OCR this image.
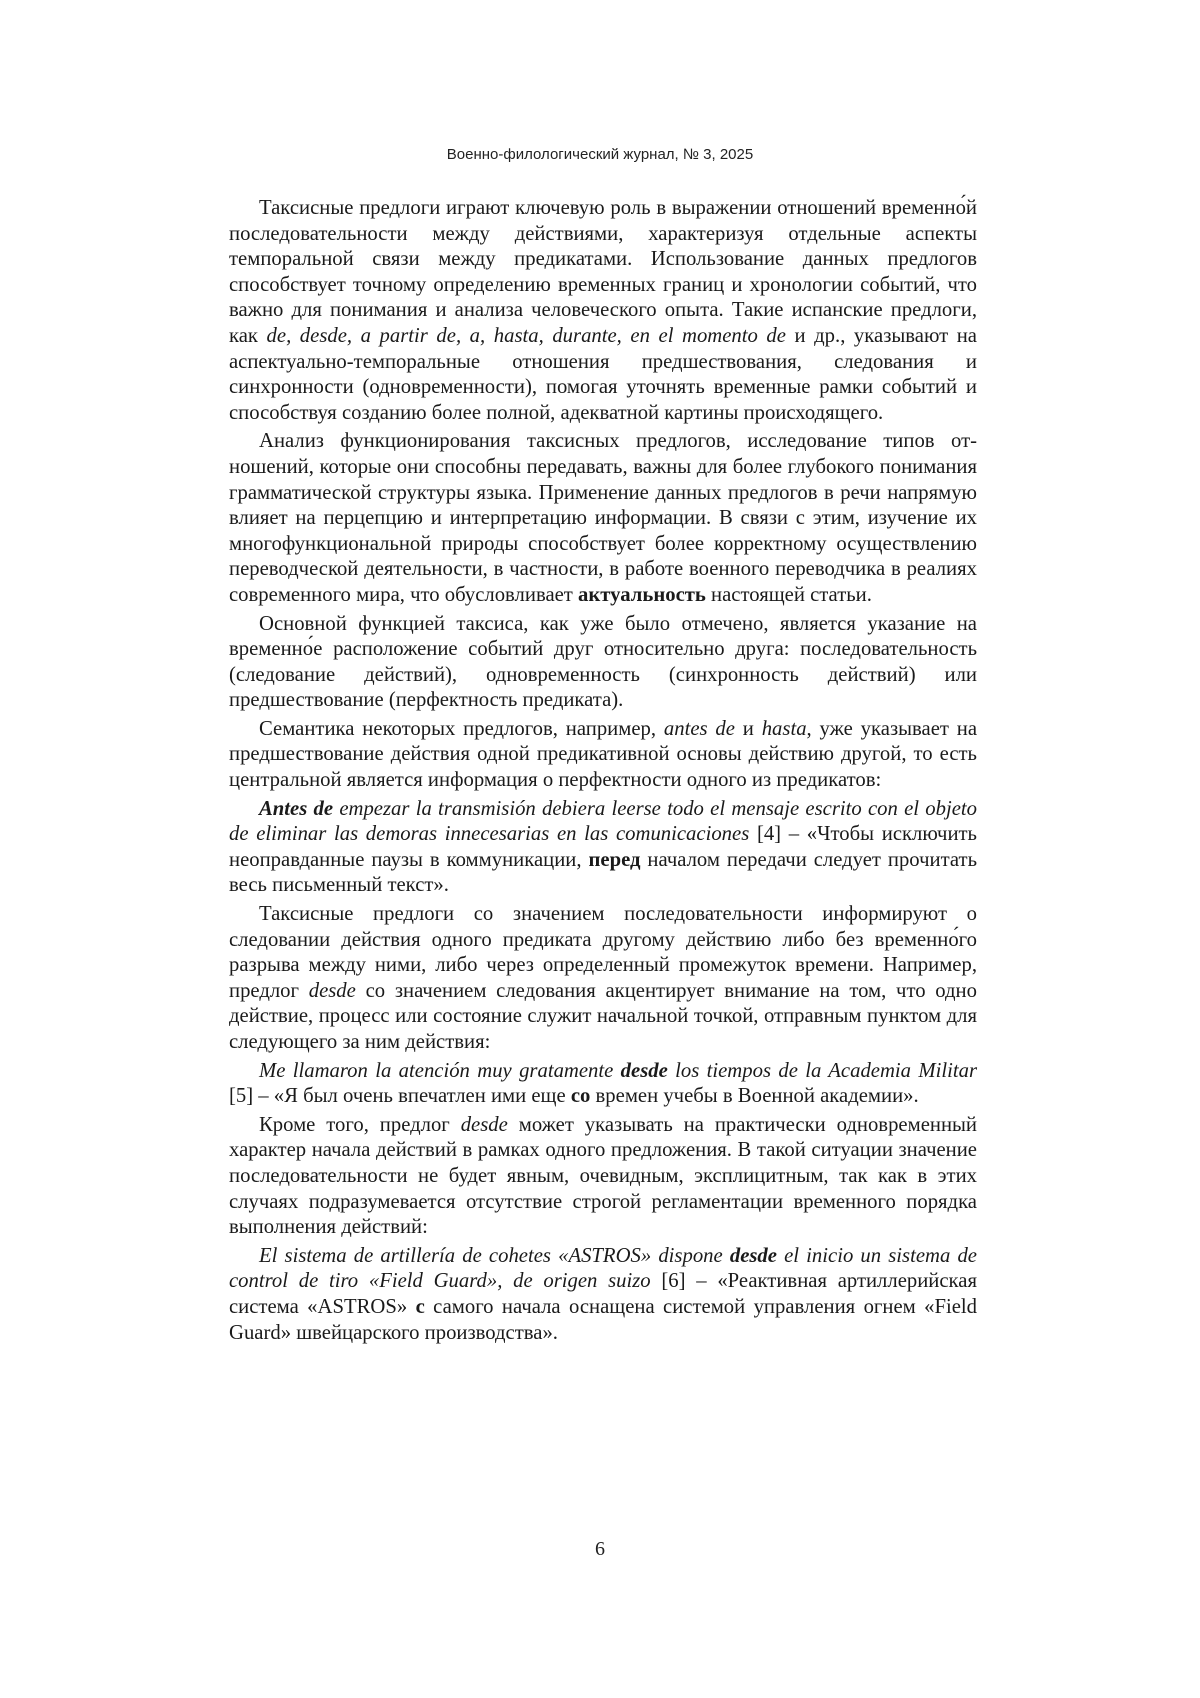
Военно-филологический журнал, № 3, 2025

Таксисные предлоги играют ключевую роль в выражении отношений временно́й последовательности между действиями, характеризуя отдельные аспекты темпоральной связи между предикатами. Использование данных предлогов способствует точному определению временных границ и хронологии событий, что важно для понимания и анализа человеческого опыта. Такие испанские предлоги, как de, desde, a partir de, a, hasta, durante, en el momento de и др., указывают на аспектуально-темпоральные отношения предшествования, следования и синхронности (одновременности), помогая уточнять временные рамки событий и способствуя созданию более полной, адекватной картины происходящего.

Анализ функционирования таксисных предлогов, исследование типов отношений, которые они способны передавать, важны для более глубокого понимания грамматической структуры языка. Применение данных предлогов в речи напрямую влияет на перцепцию и интерпретацию информации. В связи с этим, изучение их многофункциональной природы способствует более корректному осуществлению переводческой деятельности, в частности, в работе военного переводчика в реалиях современного мира, что обусловливает актуальность настоящей статьи.

Основной функцией таксиса, как уже было отмечено, является указание на временно́е расположение событий друг относительно друга: последовательность (следование действий), одновременность (синхронность действий) или предшествование (перфектность предиката).

Семантика некоторых предлогов, например, antes de и hasta, уже указывает на предшествование действия одной предикативной основы действию другой, то есть центральной является информация о перфектности одного из предикатов:

Antes de empezar la transmisión debiera leerse todo el mensaje escrito con el objeto de eliminar las demoras innecesarias en las comunicaciones [4] – «Чтобы исключить неоправданные паузы в коммуникации, перед началом передачи следует прочитать весь письменный текст».

Таксисные предлоги со значением последовательности информируют о следовании действия одного предиката другому действию либо без временно́го разрыва между ними, либо через определенный промежуток времени. Например, предлог desde со значением следования акцентирует внимание на том, что одно действие, процесс или состояние служит начальной точкой, отправным пунктом для следующего за ним действия:

Me llamaron la atención muy gratamente desde los tiempos de la Academia Militar [5] – «Я был очень впечатлен ими еще со времен учебы в Военной академии».

Кроме того, предлог desde может указывать на практически одновременный характер начала действий в рамках одного предложения. В такой ситуации значение последовательности не будет явным, очевидным, эксплицитным, так как в этих случаях подразумевается отсутствие строгой регламентации временного порядка выполнения действий:

El sistema de artillería de cohetes «ASTROS» dispone desde el inicio un sistema de control de tiro «Field Guard», de origen suizo [6] – «Реактивная артиллерийская система «ASTROS» с самого начала оснащена системой управления огнем «Field Guard» швейцарского производства».

6
